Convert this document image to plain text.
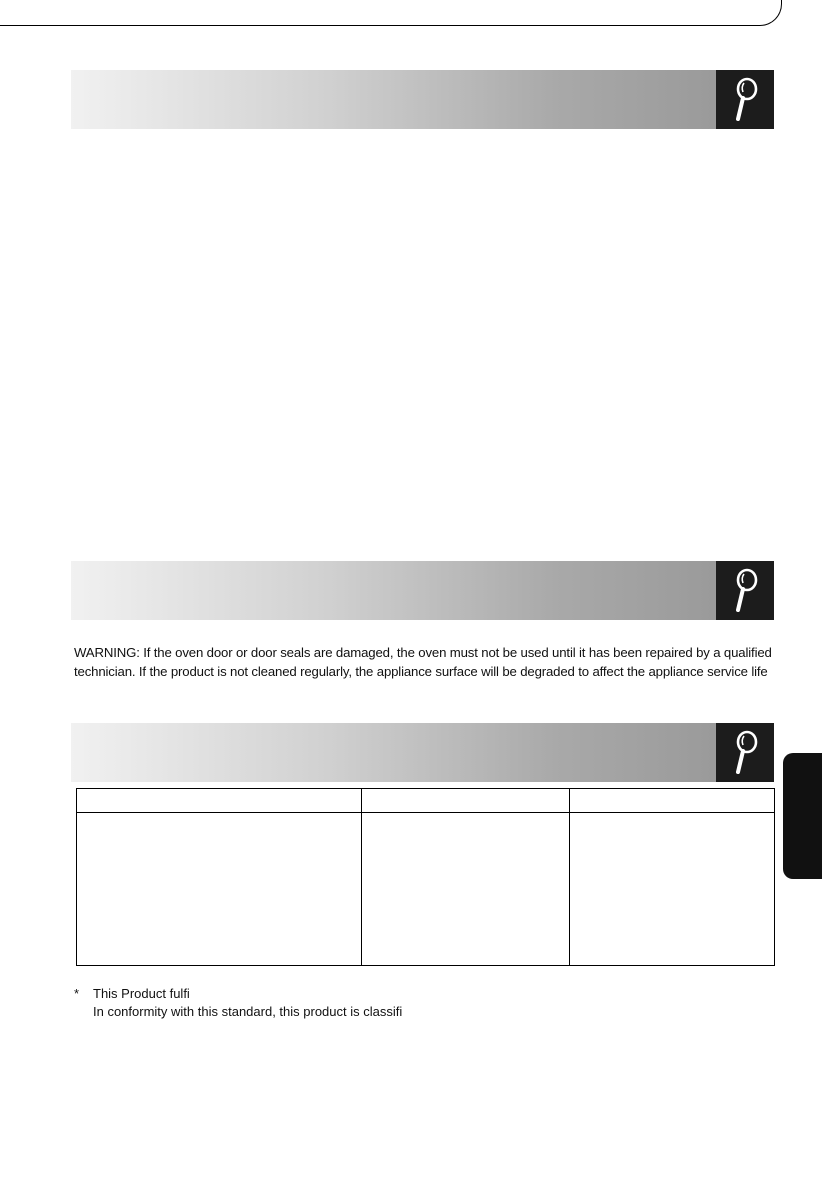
WARNING: If the oven door or door seals are damaged, the oven must not be used until it has been repaired by a qualified

technician. If the product is not cleaned regularly, the appliance surface will be degraded to affect the appliance service life

* This Product fulfi
In conformity with this standard, this product is classifi
